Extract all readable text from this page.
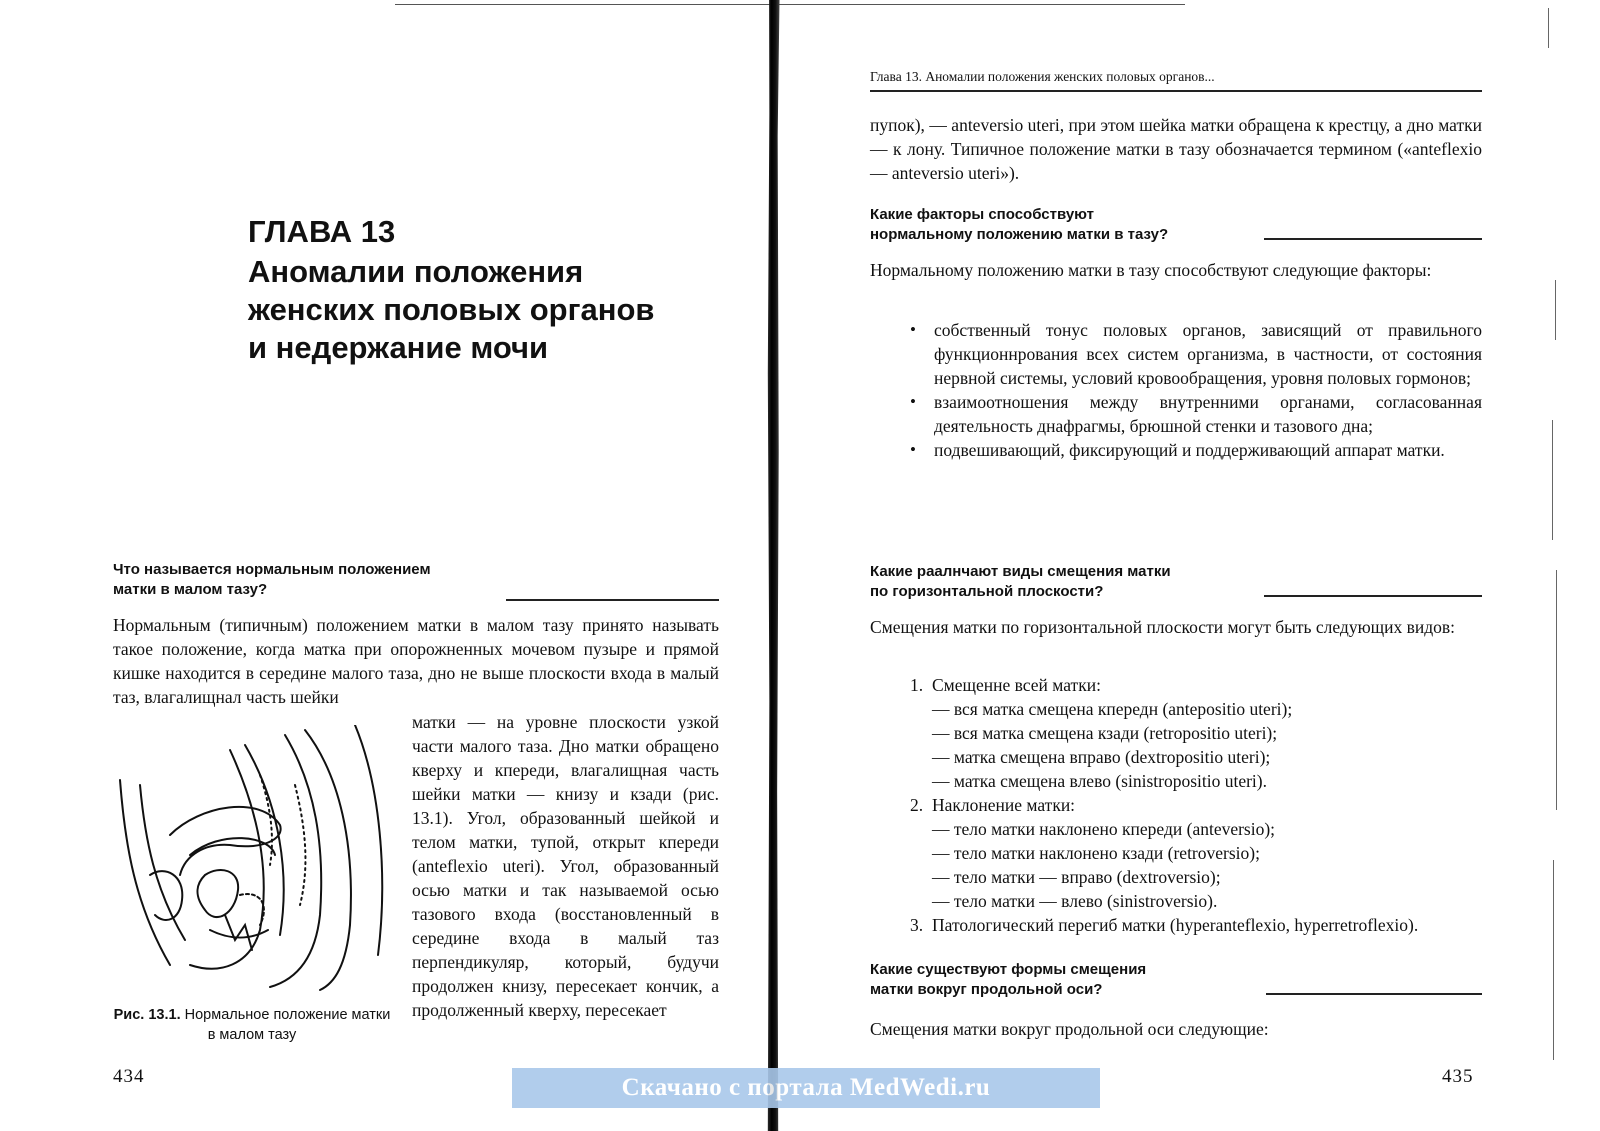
ГЛАВА 13
Аномалии положения
женских половых органов
и недержание мочи
Что называется нормальным положением
матки в малом тазу?
Нормальным (типичным) положением матки в малом тазу принято называть такое положение, когда матка при опорожненных мочевом пузыре и прямой кишке находится в середине малого таза, дно не выше плоскости входа в малый таз, влагалищнал часть шейки
матки — на уровне плоскости узкой части малого таза. Дно матки обращено кверху и кпереди, влагалищная часть шейки матки — книзу и кзади (рис. 13.1). Угол, образованный шейкой и телом матки, тупой, открыт кпереди (anteflexio uteri). Угол, образованный осью матки и так называемой осью тазового входа (восстановленный в середине входа в малый таз перпендикуляр, который, будучи продолжен книзу, пересекает кончик, а продолженный кверху, пересекает
Рис. 13.1. Нормальное положение матки в малом тазу
434
Глава 13. Аномалии положения женских половых органов...
пупок), — anteversio uteri, при этом шейка матки обращена к крестцу, а дно матки — к лону. Типичное положение матки в тазу обозначается термином («anteflexio — anteversio uteri»).
Какие факторы способствуют
нормальному положению матки в тазу?
Нормальному положению матки в тазу способствуют следующие факторы:
• собственный тонус половых органов, зависящий от правильного функционнрования всех систем организма, в частности, от состояния нервной системы, условий кровообращения, уровня половых гормонов;
• взаимоотношения между внутренними органами, согласованная деятельность днафрагмы, брюшной стенки и тазового дна;
• подвешивающий, фиксирующий и поддерживающий аппарат матки.
Какие раалнчают виды смещения матки
по горизонтальной плоскости?
Смещения матки по горизонтальной плоскости могут быть следующих видов:
1. Смещенне всей матки:
— вся матка смещена кпередн (antepositio uteri);
— вся матка смещена кзади (retropositio uteri);
— матка смещена вправо (dextropositio uteri);
— матка смещена влево (sinistropositio uteri).
2. Наклонение матки:
— тело матки наклонено кпереди (anteversio);
— тело матки наклонено кзади (retroversio);
— тело матки — вправо (dextroversio);
— тело матки — влево (sinistroversio).
3. Патологический перегиб матки (hyperanteflexio, hyperretroflexio).
Какие существуют формы смещения
матки вокруг продольной оси?
Смещения матки вокруг продольной оси следующие:
435
Скачано с портала MedWedi.ru
